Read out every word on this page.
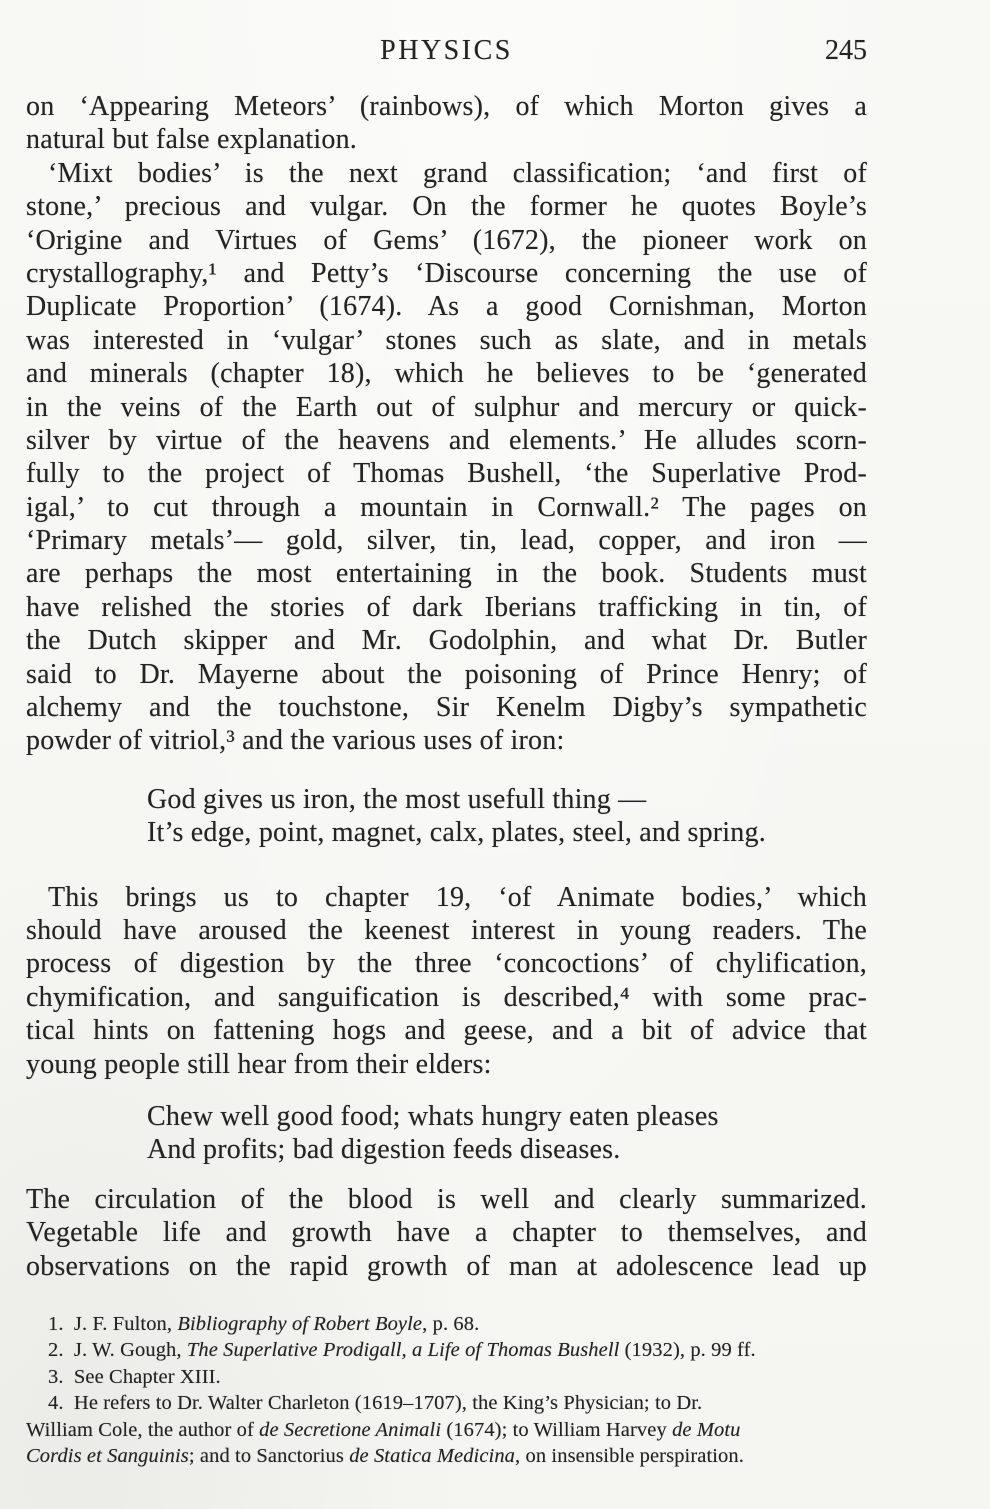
PHYSICS	245
on ‘Appearing Meteors’ (rainbows), of which Morton gives a
natural but false explanation.
‘Mixt bodies’ is the next grand classification; ‘and first of
stone,’ precious and vulgar. On the former he quotes Boyle’s
‘Origine and Virtues of Gems’ (1672), the pioneer work on
crystallography,¹ and Petty’s ‘Discourse concerning the use of
Duplicate Proportion’ (1674). As a good Cornishman, Morton
was interested in ‘vulgar’ stones such as slate, and in metals
and minerals (chapter 18), which he believes to be ‘generated
in the veins of the Earth out of sulphur and mercury or quick-
silver by virtue of the heavens and elements.’ He alludes scorn-
fully to the project of Thomas Bushell, ‘the Superlative Prod-
igal,’ to cut through a mountain in Cornwall.² The pages on
‘Primary metals’— gold, silver, tin, lead, copper, and iron —
are perhaps the most entertaining in the book. Students must
have relished the stories of dark Iberians trafficking in tin, of
the Dutch skipper and Mr. Godolphin, and what Dr. Butler
said to Dr. Mayerne about the poisoning of Prince Henry; of
alchemy and the touchstone, Sir Kenelm Digby’s sympathetic
powder of vitriol,³ and the various uses of iron:
God gives us iron, the most usefull thing —
It’s edge, point, magnet, calx, plates, steel, and spring.
This brings us to chapter 19, ‘of Animate bodies,’ which
should have aroused the keenest interest in young readers. The
process of digestion by the three ‘concoctions’ of chylification,
chymification, and sanguification is described,⁴ with some prac-
tical hints on fattening hogs and geese, and a bit of advice that
young people still hear from their elders:
Chew well good food; whats hungry eaten pleases
And profits; bad digestion feeds diseases.
The circulation of the blood is well and clearly summarized.
Vegetable life and growth have a chapter to themselves, and
observations on the rapid growth of man at adolescence lead up
1. J. F. Fulton, Bibliography of Robert Boyle, p. 68.
2. J. W. Gough, The Superlative Prodigall, a Life of Thomas Bushell (1932), p. 99 ff.
3. See Chapter XIII.
4. He refers to Dr. Walter Charleton (1619–1707), the King’s Physician; to Dr.
William Cole, the author of de Secretione Animali (1674); to William Harvey de Motu
Cordis et Sanguinis; and to Sanctorius de Statica Medicina, on insensible perspiration.
